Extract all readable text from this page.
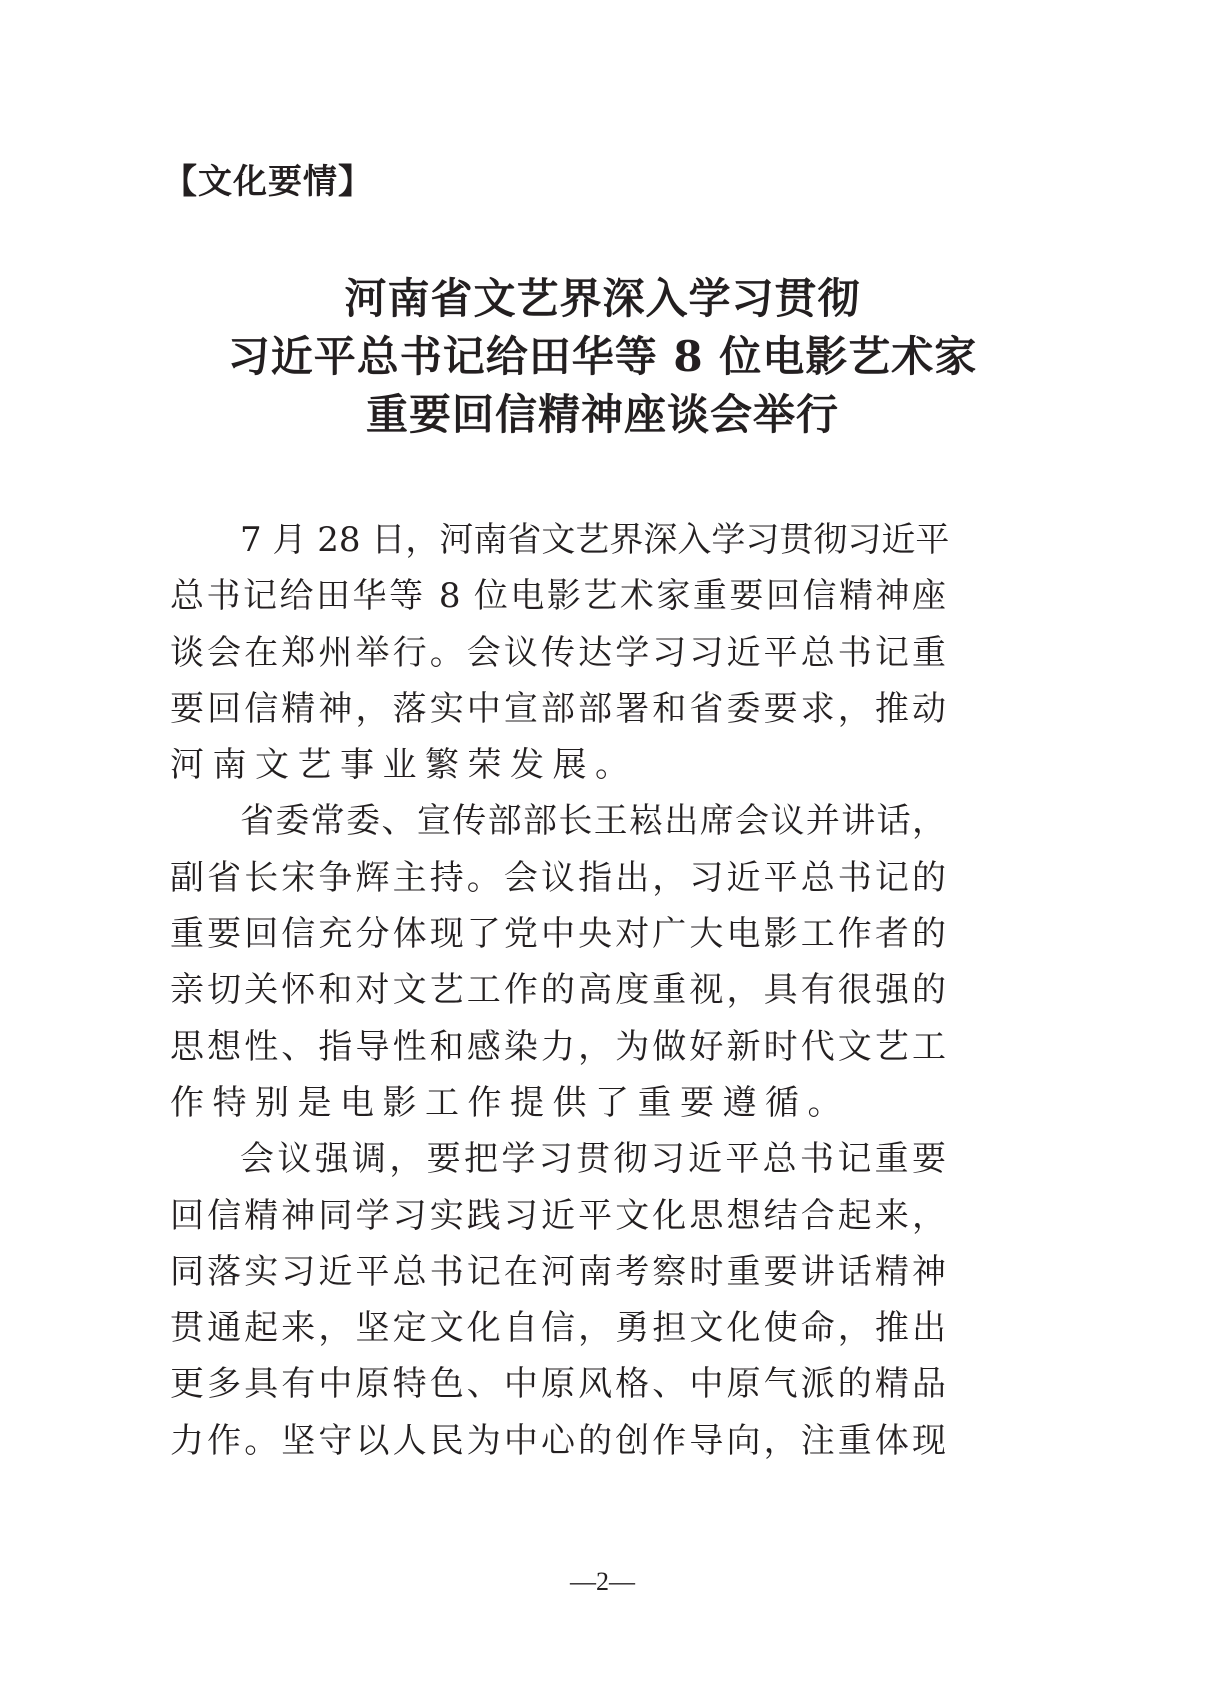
【文化要情】
河南省文艺界深入学习贯彻
习近平总书记给田华等 8 位电影艺术家
重要回信精神座谈会举行
7 月 28 日，河南省文艺界深入学习贯彻习近平
总书记给田华等 8 位电影艺术家重要回信精神座
谈会在郑州举行。会议传达学习习近平总书记重
要回信精神，落实中宣部部署和省委要求，推动
河南文艺事业繁荣发展。
省委常委、宣传部部长王崧出席会议并讲话，
副省长宋争辉主持。会议指出，习近平总书记的
重要回信充分体现了党中央对广大电影工作者的
亲切关怀和对文艺工作的高度重视，具有很强的
思想性、指导性和感染力，为做好新时代文艺工
作特别是电影工作提供了重要遵循。
会议强调，要把学习贯彻习近平总书记重要
回信精神同学习实践习近平文化思想结合起来，
同落实习近平总书记在河南考察时重要讲话精神
贯通起来，坚定文化自信，勇担文化使命，推出
更多具有中原特色、中原风格、中原气派的精品
力作。坚守以人民为中心的创作导向，注重体现
—2—
